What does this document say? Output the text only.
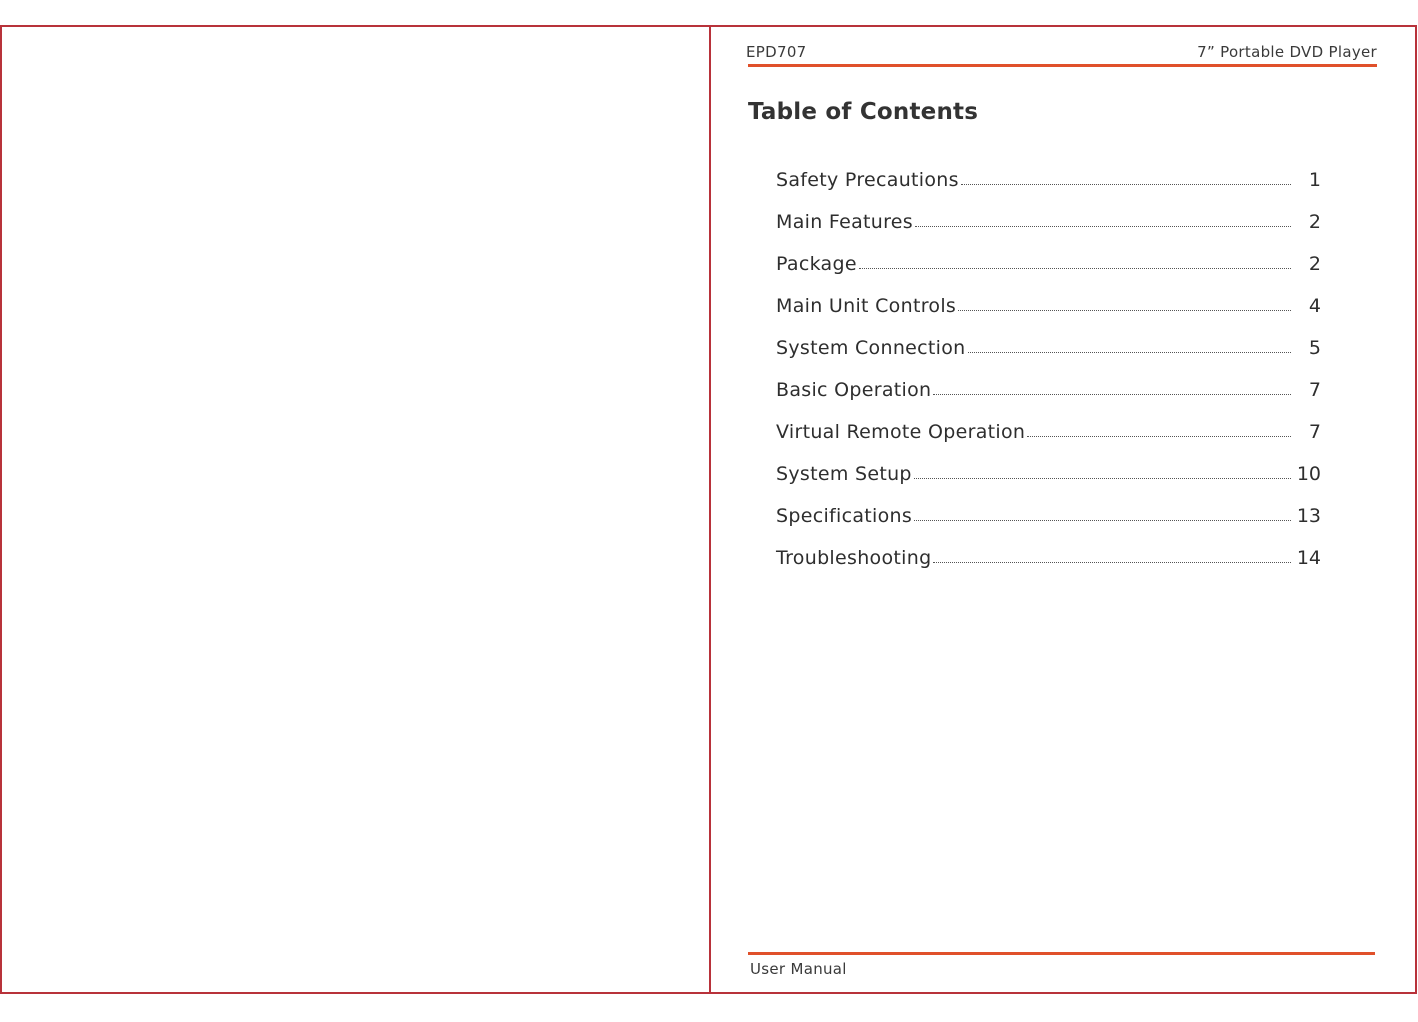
EPD707	7” Portable DVD Player
Table of Contents
Safety Precautions	1
Main Features	2
Package	2
Main Unit Controls	4
System Connection	5
Basic Operation	7
Virtual Remote Operation	7
System Setup	10
Specifications	13
Troubleshooting	14
User Manual
